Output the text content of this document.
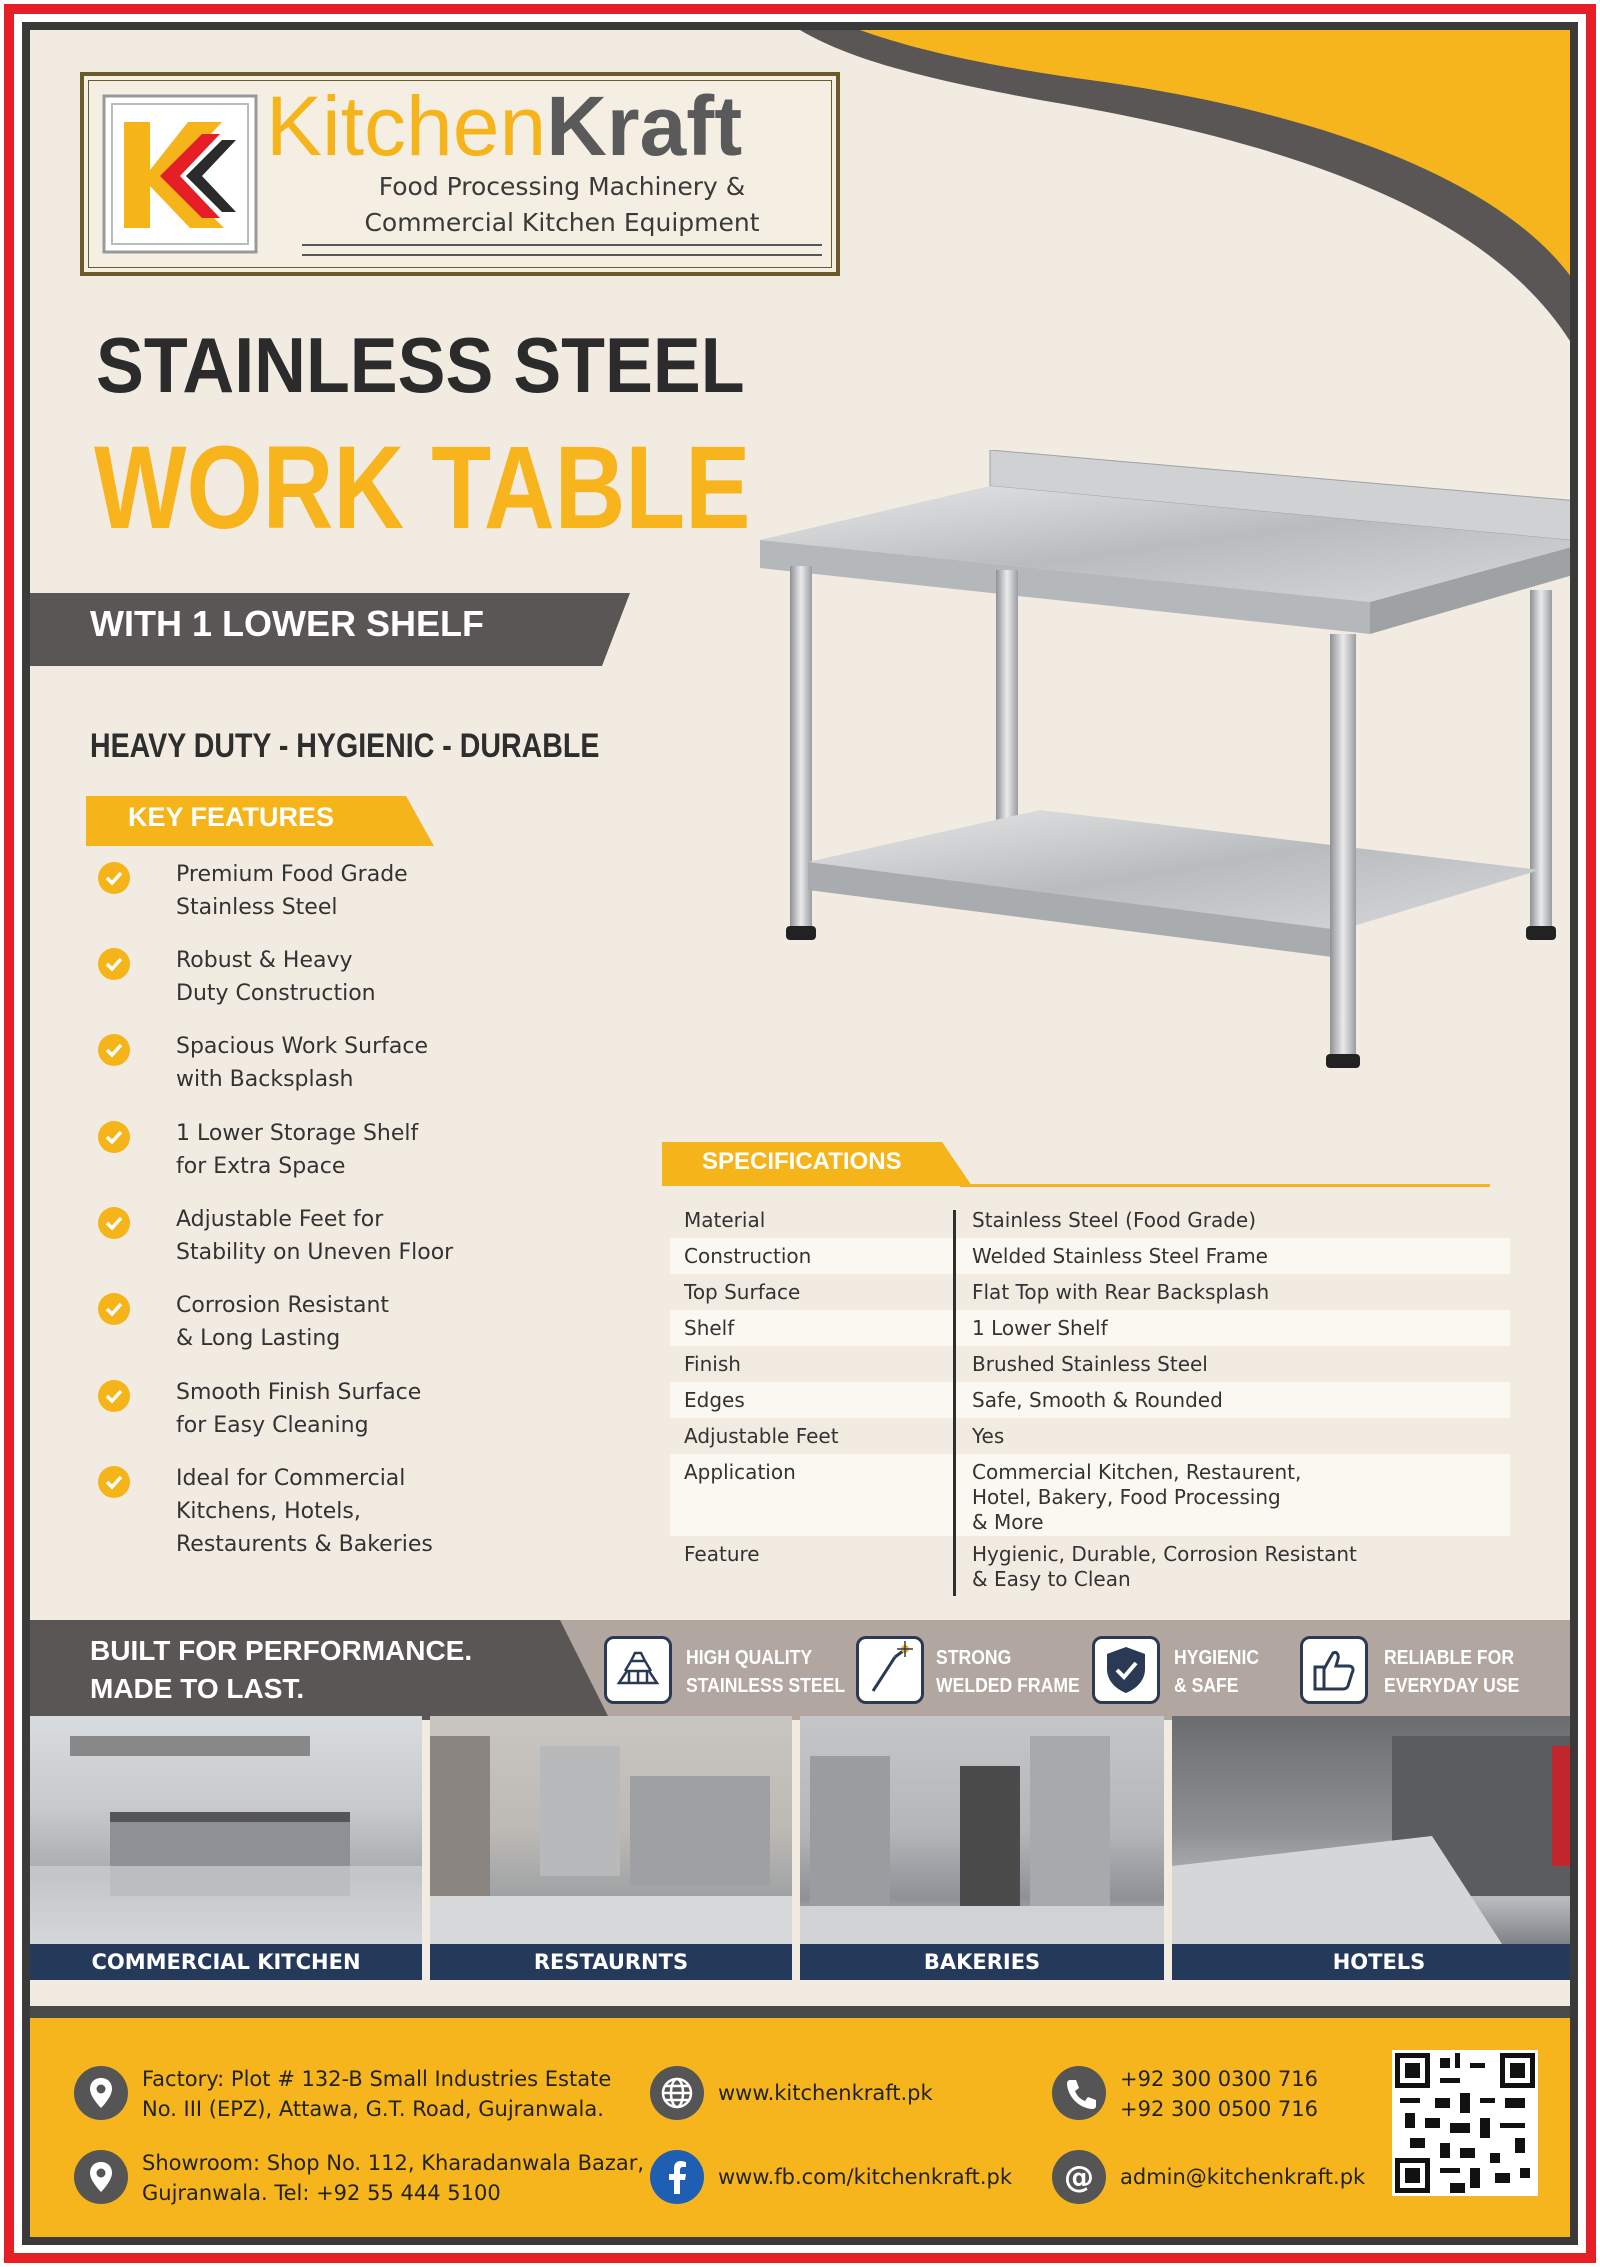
KitchenKraft
Food Processing Machinery &
Commercial Kitchen Equipment
STAINLESS STEEL
WORK TABLE
WITH 1 LOWER SHELF
HEAVY DUTY - HYGIENIC - DURABLE
KEY FEATURES
Premium Food Grade
Stainless Steel
Robust & Heavy
Duty Construction
Spacious Work Surface
with Backsplash
1 Lower Storage Shelf
for Extra Space
Adjustable Feet for
Stability on Uneven Floor
Corrosion Resistant
& Long Lasting
Smooth Finish Surface
for Easy Cleaning
Ideal for Commercial
Kitchens, Hotels,
Restaurents & Bakeries
SPECIFICATIONS
Material	Stainless Steel (Food Grade)
Construction	Welded Stainless Steel Frame
Top Surface	Flat Top with Rear Backsplash
Shelf	1 Lower Shelf
Finish	Brushed Stainless Steel
Edges	Safe, Smooth & Rounded
Adjustable Feet	Yes
Application	Commercial Kitchen, Restaurent,
Hotel, Bakery, Food Processing
& More
Feature	Hygienic, Durable, Corrosion Resistant
& Easy to Clean
BUILT FOR PERFORMANCE.
MADE TO LAST.
HIGH QUALITY
STAINLESS STEEL
STRONG
WELDED FRAME
HYGIENIC
& SAFE
RELIABLE FOR
EVERYDAY USE
COMMERCIAL KITCHEN	RESTAURNTS	BAKERIES	HOTELS
Factory: Plot # 132-B Small Industries Estate
No. III (EPZ), Attawa, G.T. Road, Gujranwala.
Showroom: Shop No. 112, Kharadanwala Bazar,
Gujranwala. Tel: +92 55 444 5100
www.kitchenkraft.pk
www.fb.com/kitchenkraft.pk
+92 300 0300 716
+92 300 0500 716
@ admin@kitchenkraft.pk
